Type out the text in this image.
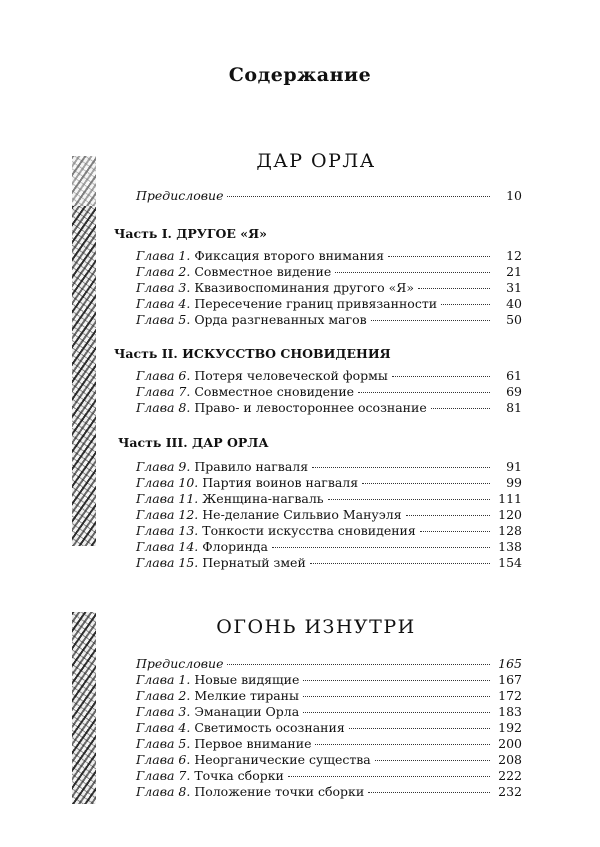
Содержание
ДАР ОРЛА
Предисловие	10
Часть I. ДРУГОЕ «Я»
Глава 1. Фиксация второго внимания	12
Глава 2. Совместное видение	21
Глава 3. Квазивоспоминания другого «Я»	31
Глава 4. Пересечение границ привязанности	40
Глава 5. Орда разгневанных магов	50
Часть II. ИСКУССТВО СНОВИДЕНИЯ
Глава 6. Потеря человеческой формы	61
Глава 7. Совместное сновидение	69
Глава 8. Право- и левостороннее осознание	81
Часть III. ДАР ОРЛА
Глава 9. Правило нагваля	91
Глава 10. Партия воинов нагваля	99
Глава 11. Женщина-нагваль	111
Глава 12. Не-делание Сильвио Мануэля	120
Глава 13. Тонкости искусства сновидения	128
Глава 14. Флоринда	138
Глава 15. Пернатый змей	154
ОГОНЬ ИЗНУТРИ
Предисловие	165
Глава 1. Новые видящие	167
Глава 2. Мелкие тираны	172
Глава 3. Эманации Орла	183
Глава 4. Светимость осознания	192
Глава 5. Первое внимание	200
Глава 6. Неорганические существа	208
Глава 7. Точка сборки	222
Глава 8. Положение точки сборки	232
